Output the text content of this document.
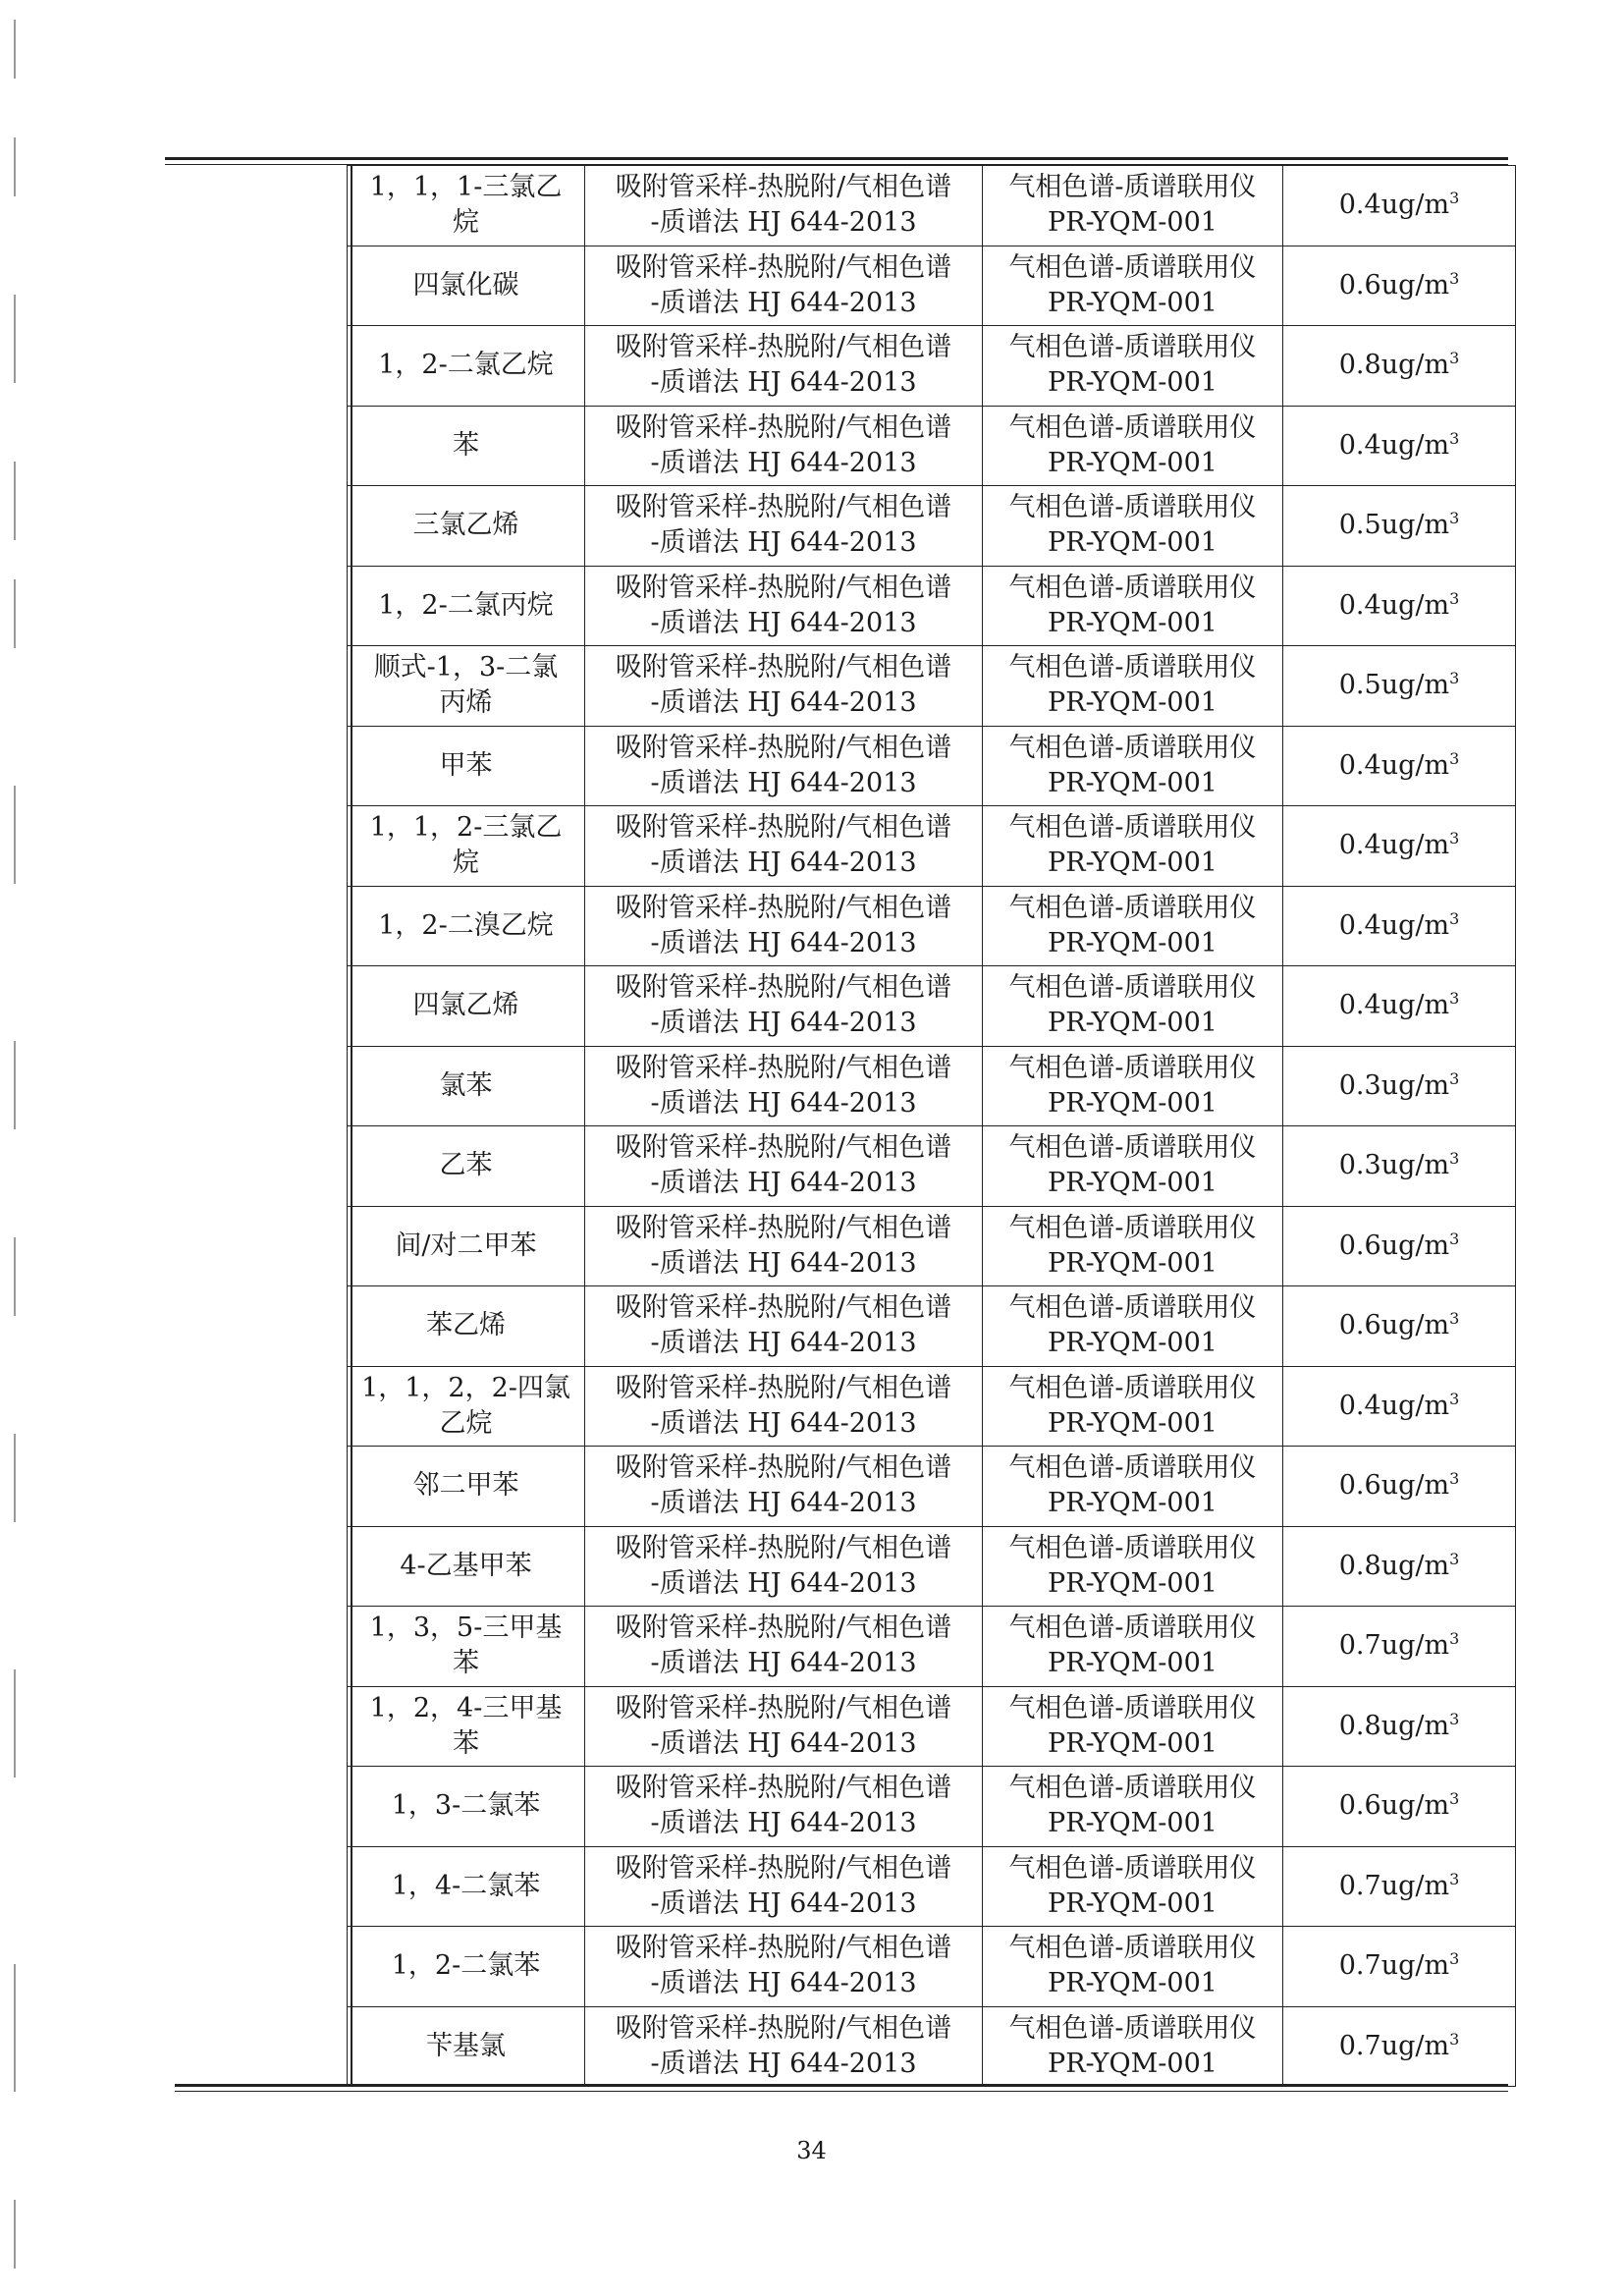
1，1，1-三氯乙
烷	吸附管采样-热脱附/气相色谱
-质谱法 HJ 644-2013	气相色谱-质谱联用仪
PR-YQM-001	$0.4ug/m^3$

四氯化碳	吸附管采样-热脱附/气相色谱
-质谱法 HJ 644-2013	气相色谱-质谱联用仪
PR-YQM-001	$0.6ug/m^3$

1，2-二氯乙烷	吸附管采样-热脱附/气相色谱
-质谱法 HJ 644-2013	气相色谱-质谱联用仪
PR-YQM-001	$0.8ug/m^3$

苯	吸附管采样-热脱附/气相色谱
-质谱法 HJ 644-2013	气相色谱-质谱联用仪
PR-YQM-001	$0.4ug/m^3$

三氯乙烯	吸附管采样-热脱附/气相色谱
-质谱法 HJ 644-2013	气相色谱-质谱联用仪
PR-YQM-001	$0.5ug/m^3$

1，2-二氯丙烷	吸附管采样-热脱附/气相色谱
-质谱法 HJ 644-2013	气相色谱-质谱联用仪
PR-YQM-001	$0.4ug/m^3$

顺式-1，3-二氯
丙烯	吸附管采样-热脱附/气相色谱
-质谱法 HJ 644-2013	气相色谱-质谱联用仪
PR-YQM-001	$0.5ug/m^3$

甲苯	吸附管采样-热脱附/气相色谱
-质谱法 HJ 644-2013	气相色谱-质谱联用仪
PR-YQM-001	$0.4ug/m^3$

1，1，2-三氯乙
烷	吸附管采样-热脱附/气相色谱
-质谱法 HJ 644-2013	气相色谱-质谱联用仪
PR-YQM-001	$0.4ug/m^3$

1，2-二溴乙烷	吸附管采样-热脱附/气相色谱
-质谱法 HJ 644-2013	气相色谱-质谱联用仪
PR-YQM-001	$0.4ug/m^3$

四氯乙烯	吸附管采样-热脱附/气相色谱
-质谱法 HJ 644-2013	气相色谱-质谱联用仪
PR-YQM-001	$0.4ug/m^3$

氯苯	吸附管采样-热脱附/气相色谱
-质谱法 HJ 644-2013	气相色谱-质谱联用仪
PR-YQM-001	$0.3ug/m^3$

乙苯	吸附管采样-热脱附/气相色谱
-质谱法 HJ 644-2013	气相色谱-质谱联用仪
PR-YQM-001	$0.3ug/m^3$

间/对二甲苯	吸附管采样-热脱附/气相色谱
-质谱法 HJ 644-2013	气相色谱-质谱联用仪
PR-YQM-001	$0.6ug/m^3$

苯乙烯	吸附管采样-热脱附/气相色谱
-质谱法 HJ 644-2013	气相色谱-质谱联用仪
PR-YQM-001	$0.6ug/m^3$

1，1，2，2-四氯
乙烷	吸附管采样-热脱附/气相色谱
-质谱法 HJ 644-2013	气相色谱-质谱联用仪
PR-YQM-001	$0.4ug/m^3$

邻二甲苯	吸附管采样-热脱附/气相色谱
-质谱法 HJ 644-2013	气相色谱-质谱联用仪
PR-YQM-001	$0.6ug/m^3$

4-乙基甲苯	吸附管采样-热脱附/气相色谱
-质谱法 HJ 644-2013	气相色谱-质谱联用仪
PR-YQM-001	$0.8ug/m^3$

1，3，5-三甲基
苯	吸附管采样-热脱附/气相色谱
-质谱法 HJ 644-2013	气相色谱-质谱联用仪
PR-YQM-001	$0.7ug/m^3$

1，2，4-三甲基
苯	吸附管采样-热脱附/气相色谱
-质谱法 HJ 644-2013	气相色谱-质谱联用仪
PR-YQM-001	$0.8ug/m^3$

1，3-二氯苯	吸附管采样-热脱附/气相色谱
-质谱法 HJ 644-2013	气相色谱-质谱联用仪
PR-YQM-001	$0.6ug/m^3$

1，4-二氯苯	吸附管采样-热脱附/气相色谱
-质谱法 HJ 644-2013	气相色谱-质谱联用仪
PR-YQM-001	$0.7ug/m^3$

1，2-二氯苯	吸附管采样-热脱附/气相色谱
-质谱法 HJ 644-2013	气相色谱-质谱联用仪
PR-YQM-001	$0.7ug/m^3$

苄基氯	吸附管采样-热脱附/气相色谱
-质谱法 HJ 644-2013	气相色谱-质谱联用仪
PR-YQM-001	$0.7ug/m^3$
34
